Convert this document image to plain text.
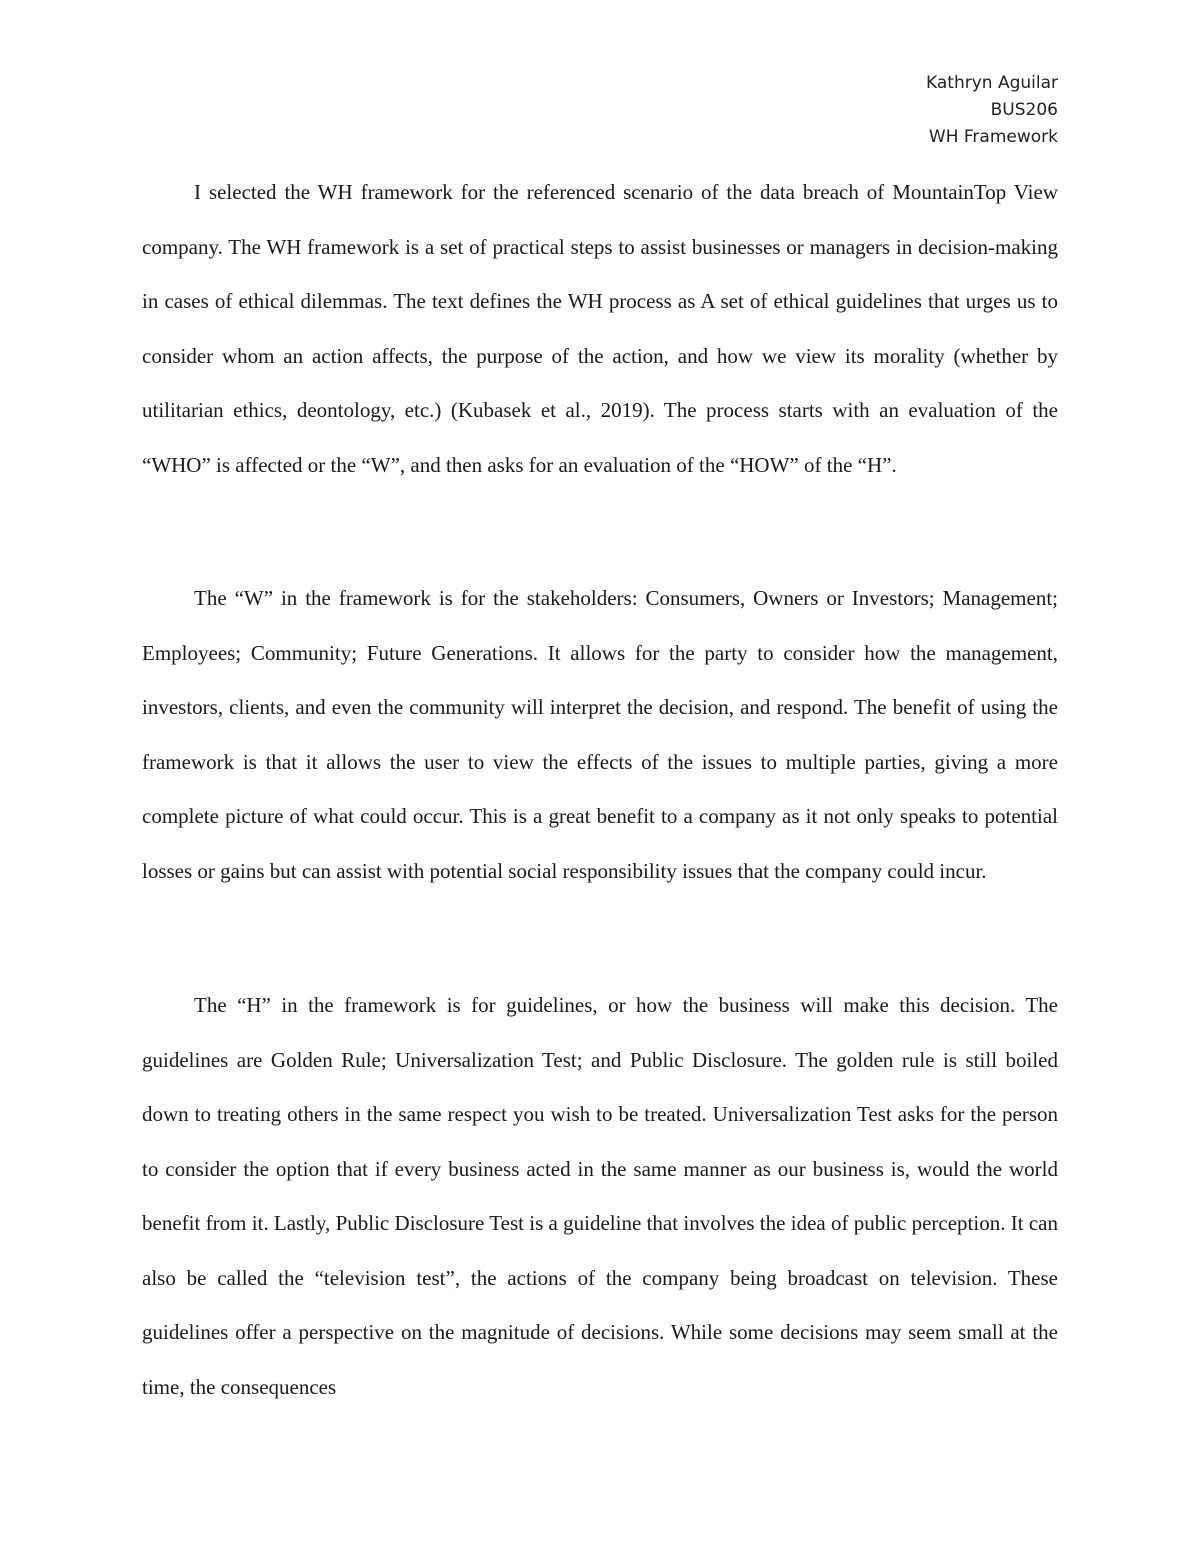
Kathryn Aguilar
BUS206
WH Framework

I selected the WH framework for the referenced scenario of the data breach of MountainTop View company. The WH framework is a set of practical steps to assist businesses or managers in decision-making in cases of ethical dilemmas. The text defines the WH process as A set of ethical guidelines that urges us to consider whom an action affects, the purpose of the action, and how we view its morality (whether by utilitarian ethics, deontology, etc.) (Kubasek et al., 2019). The process starts with an evaluation of the “WHO” is affected or the “W”, and then asks for an evaluation of the “HOW” of the “H”.

The “W” in the framework is for the stakeholders: Consumers, Owners or Investors; Management; Employees; Community; Future Generations. It allows for the party to consider how the management, investors, clients, and even the community will interpret the decision, and respond. The benefit of using the framework is that it allows the user to view the effects of the issues to multiple parties, giving a more complete picture of what could occur. This is a great benefit to a company as it not only speaks to potential losses or gains but can assist with potential social responsibility issues that the company could incur.

The “H” in the framework is for guidelines, or how the business will make this decision. The guidelines are Golden Rule; Universalization Test; and Public Disclosure. The golden rule is still boiled down to treating others in the same respect you wish to be treated. Universalization Test asks for the person to consider the option that if every business acted in the same manner as our business is, would the world benefit from it. Lastly, Public Disclosure Test is a guideline that involves the idea of public perception. It can also be called the “television test”, the actions of the company being broadcast on television. These guidelines offer a perspective on the magnitude of decisions. While some decisions may seem small at the time, the consequences
